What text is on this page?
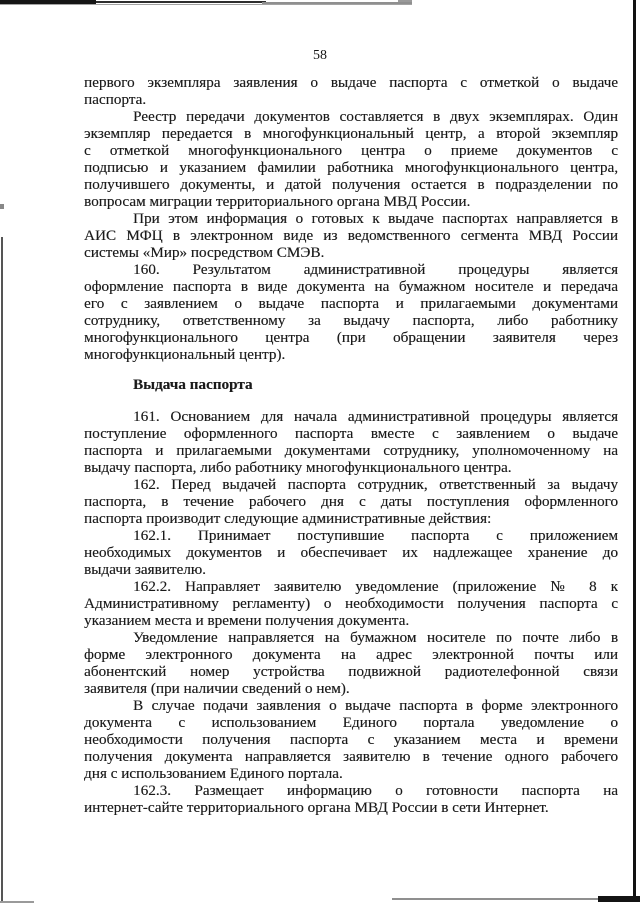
58
первого экземпляра заявления о выдаче паспорта с отметкой о выдаче
паспорта.
Реестр передачи документов составляется в двух экземплярах. Один
экземпляр передается в многофункциональный центр, а второй экземпляр
с отметкой многофункционального центра о приеме документов с
подписью и указанием фамилии работника многофункционального центра,
получившего документы, и датой получения остается в подразделении по
вопросам миграции территориального органа МВД России.
При этом информация о готовых к выдаче паспортах направляется в
АИС МФЦ в электронном виде из ведомственного сегмента МВД России
системы «Мир» посредством СМЭВ.
160. Результатом административной процедуры является
оформление паспорта в виде документа на бумажном носителе и передача
его с заявлением о выдаче паспорта и прилагаемыми документами
сотруднику, ответственному за выдачу паспорта, либо работнику
многофункционального центра (при обращении заявителя через
многофункциональный центр).
Выдача паспорта
161. Основанием для начала административной процедуры является
поступление оформленного паспорта вместе с заявлением о выдаче
паспорта и прилагаемыми документами сотруднику, уполномоченному на
выдачу паспорта, либо работнику многофункционального центра.
162. Перед выдачей паспорта сотрудник, ответственный за выдачу
паспорта, в течение рабочего дня с даты поступления оформленного
паспорта производит следующие административные действия:
162.1. Принимает поступившие паспорта с приложением
необходимых документов и обеспечивает их надлежащее хранение до
выдачи заявителю.
162.2. Направляет заявителю уведомление (приложение № 8 к
Административному регламенту) о необходимости получения паспорта с
указанием места и времени получения документа.
Уведомление направляется на бумажном носителе по почте либо в
форме электронного документа на адрес электронной почты или
абонентский номер устройства подвижной радиотелефонной связи
заявителя (при наличии сведений о нем).
В случае подачи заявления о выдаче паспорта в форме электронного
документа с использованием Единого портала уведомление о
необходимости получения паспорта с указанием места и времени
получения документа направляется заявителю в течение одного рабочего
дня с использованием Единого портала.
162.3. Размещает информацию о готовности паспорта на
интернет-сайте территориального органа МВД России в сети Интернет.
